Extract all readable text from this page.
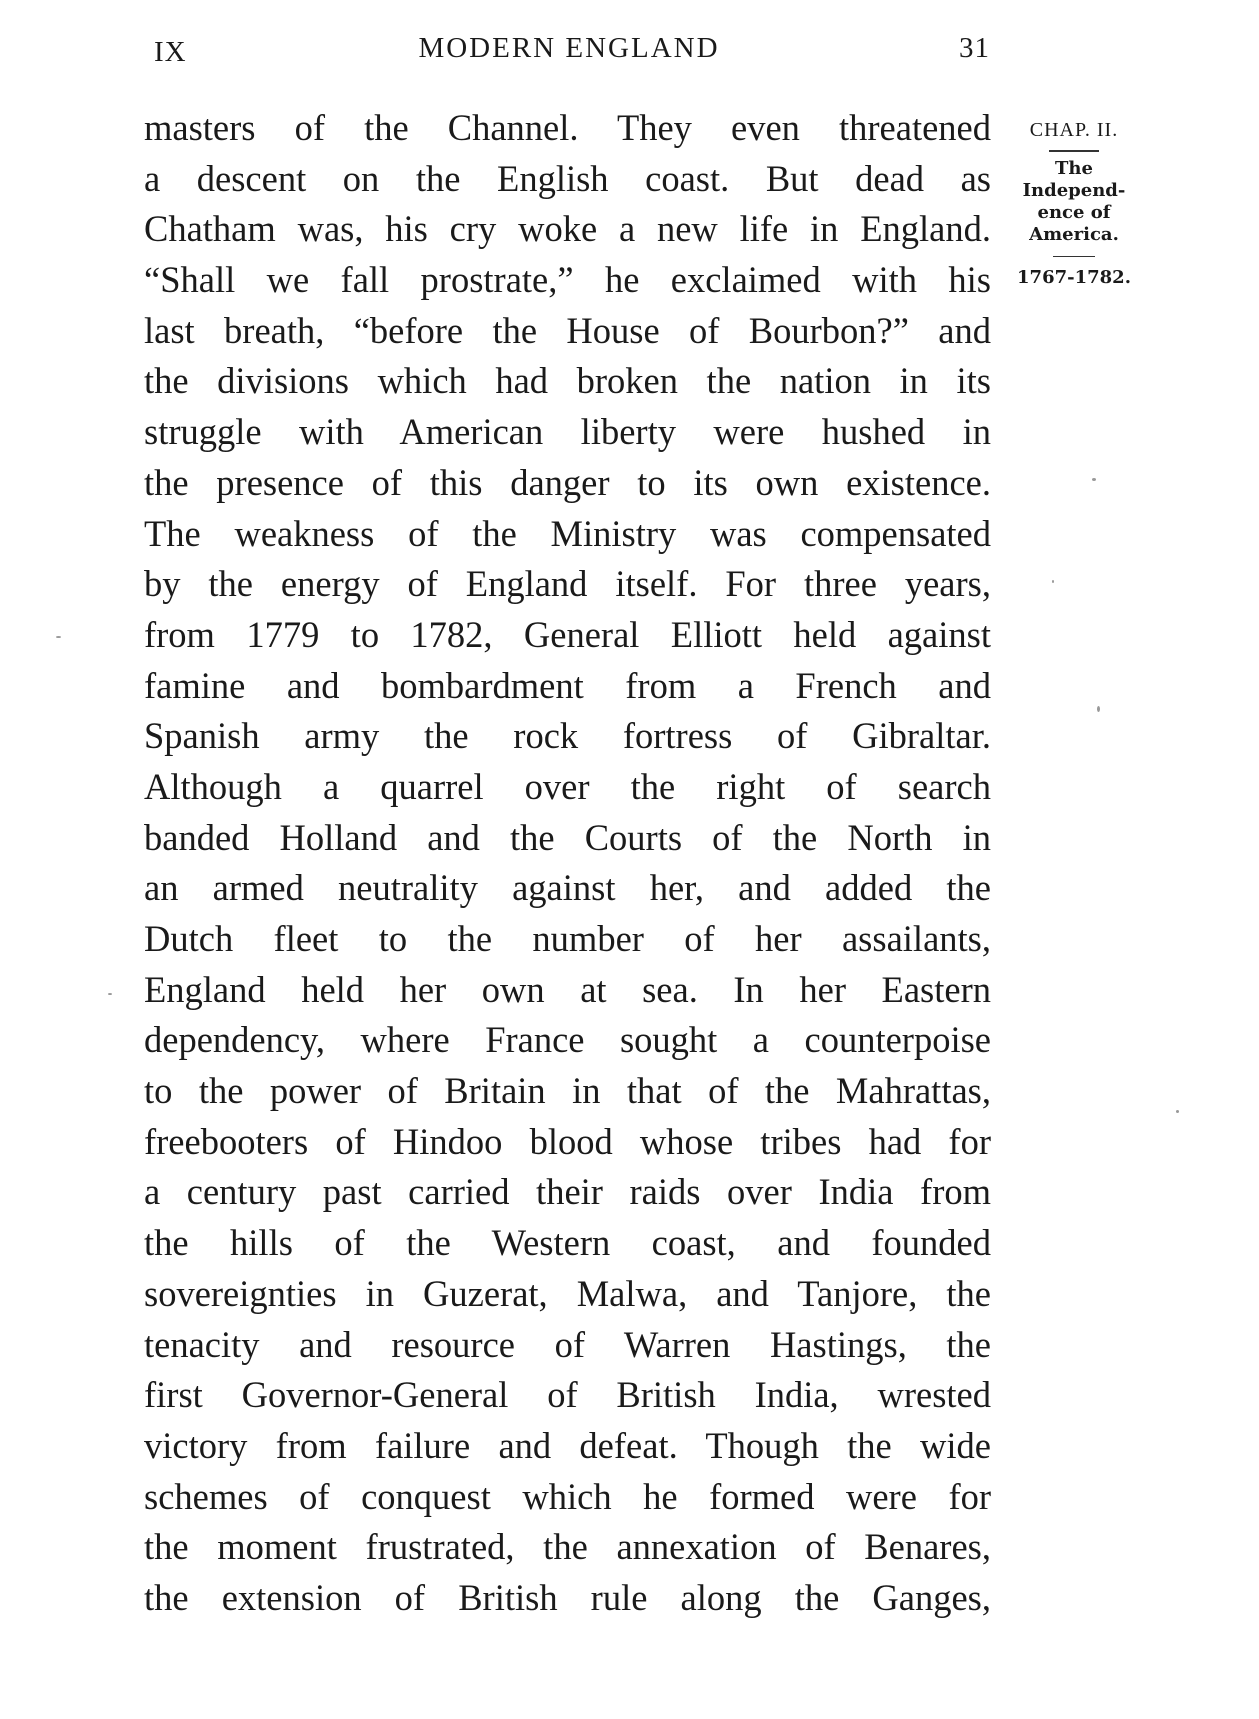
IX	MODERN ENGLAND	31
masters of the Channel. They even threatened
a descent on the English coast. But dead as
Chatham was, his cry woke a new life in England.
“Shall we fall prostrate,” he exclaimed with his
last breath, “before the House of Bourbon?” and
the divisions which had broken the nation in its
struggle with American liberty were hushed in
the presence of this danger to its own existence.
The weakness of the Ministry was compensated
by the energy of England itself. For three years,
from 1779 to 1782, General Elliott held against
famine and bombardment from a French and
Spanish army the rock fortress of Gibraltar.
Although a quarrel over the right of search
banded Holland and the Courts of the North in
an armed neutrality against her, and added the
Dutch fleet to the number of her assailants,
England held her own at sea. In her Eastern
dependency, where France sought a counterpoise
to the power of Britain in that of the Mahrattas,
freebooters of Hindoo blood whose tribes had for
a century past carried their raids over India from
the hills of the Western coast, and founded
sovereignties in Guzerat, Malwa, and Tanjore, the
tenacity and resource of Warren Hastings, the
first Governor-General of British India, wrested
victory from failure and defeat. Though the wide
schemes of conquest which he formed were for
the moment frustrated, the annexation of Benares,
the extension of British rule along the Ganges,
CHAP. II.
The
Independ-
ence of
America.
1767-1782.
